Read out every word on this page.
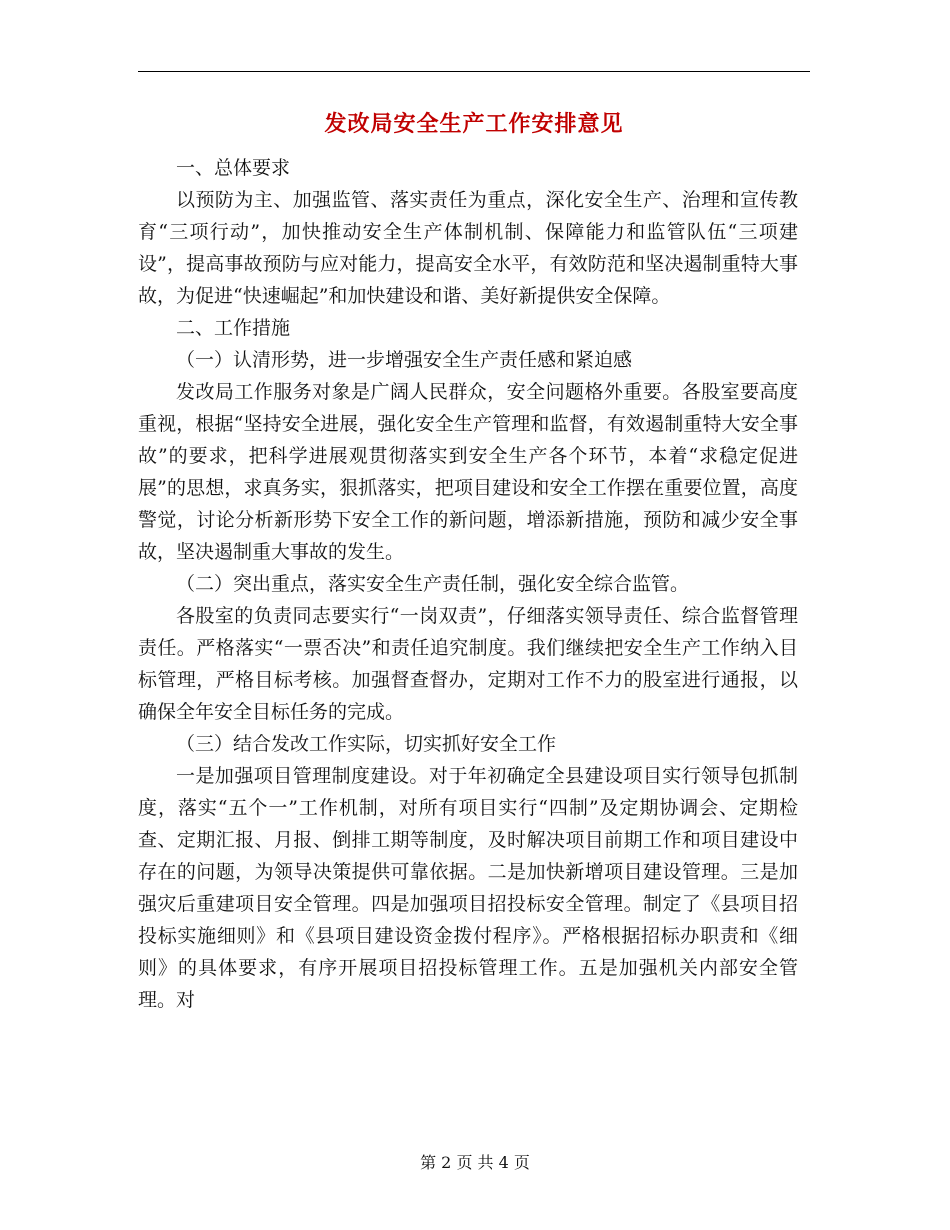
发改局安全生产工作安排意见

一、总体要求

以预防为主、加强监管、落实责任为重点，深化安全生产、治理和宣传教育“三项行动”，加快推动安全生产体制机制、保障能力和监管队伍“三项建设”，提高事故预防与应对能力，提高安全水平，有效防范和坚决遏制重特大事故，为促进“快速崛起”和加快建设和谐、美好新提供安全保障。

二、工作措施

（一）认清形势，进一步增强安全生产责任感和紧迫感

发改局工作服务对象是广阔人民群众，安全问题格外重要。各股室要高度重视，根据“坚持安全进展，强化安全生产管理和监督，有效遏制重特大安全事故”的要求，把科学进展观贯彻落实到安全生产各个环节，本着“求稳定促进展”的思想，求真务实，狠抓落实，把项目建设和安全工作摆在重要位置，高度警觉，讨论分析新形势下安全工作的新问题，增添新措施，预防和减少安全事故，坚决遏制重大事故的发生。

（二）突出重点，落实安全生产责任制，强化安全综合监管。

各股室的负责同志要实行“一岗双责”，仔细落实领导责任、综合监督管理责任。严格落实“一票否决”和责任追究制度。我们继续把安全生产工作纳入目标管理，严格目标考核。加强督查督办，定期对工作不力的股室进行通报，以确保全年安全目标任务的完成。

（三）结合发改工作实际，切实抓好安全工作

一是加强项目管理制度建设。对于年初确定全县建设项目实行领导包抓制度，落实“五个一”工作机制，对所有项目实行“四制”及定期协调会、定期检查、定期汇报、月报、倒排工期等制度，及时解决项目前期工作和项目建设中存在的问题，为领导决策提供可靠依据。二是加快新增项目建设管理。三是加强灾后重建项目安全管理。四是加强项目招投标安全管理。制定了《县项目招投标实施细则》和《县项目建设资金拨付程序》。严格根据招标办职责和《细则》的具体要求，有序开展项目招投标管理工作。五是加强机关内部安全管理。对

第 2 页 共 4 页
